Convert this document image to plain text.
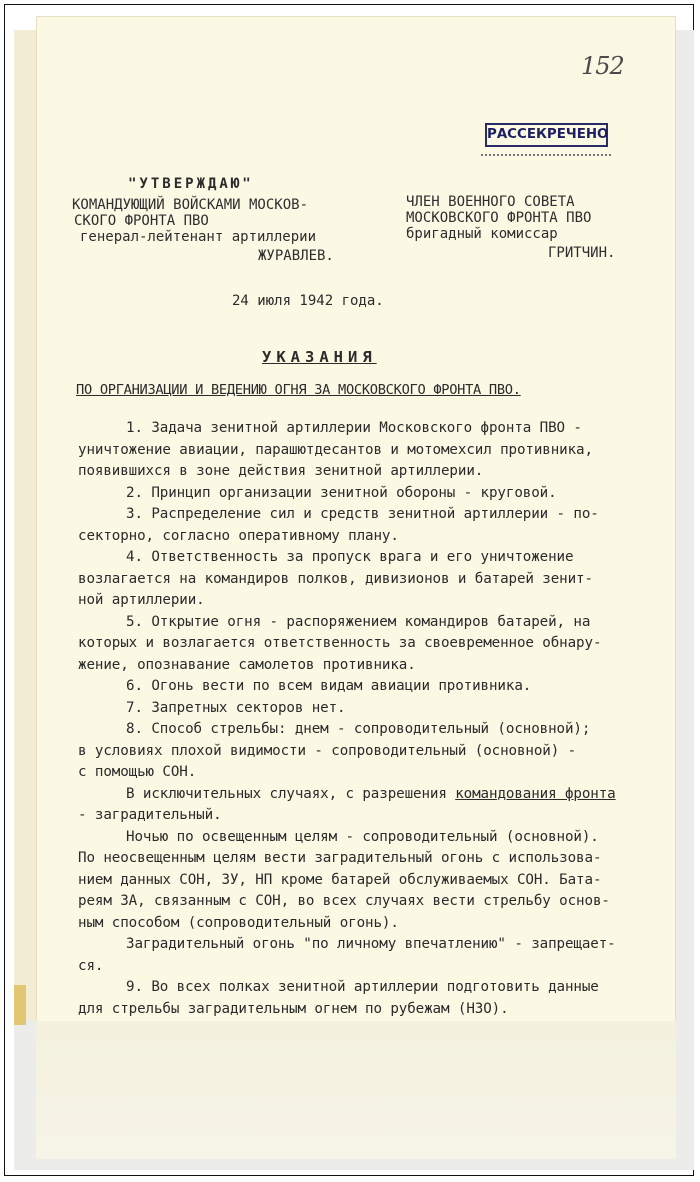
152
РАССЕКРЕЧЕНО
"УТВЕРЖДАЮ"
КОМАНДУЮЩИЙ ВОЙСКАМИ МОСКОВ-
СКОГО ФРОНТА ПВО
генерал-лейтенант артиллерии
ЖУРАВЛЕВ.
ЧЛЕН ВОЕННОГО СОВЕТА
МОСКОВСКОГО ФРОНТА ПВО
бригадный комиссар
ГРИТЧИН.
24 июля 1942 года.
УКАЗАНИЯ
ПО ОРГАНИЗАЦИИ И ВЕДЕНИЮ ОГНЯ ЗА МОСКОВСКОГО ФРОНТА ПВО.
1. Задача зенитной артиллерии Московского фронта ПВО -
уничтожение авиации, парашютдесантов и мотомехсил противника,
появившихся в зоне действия зенитной артиллерии.
2. Принцип организации зенитной обороны - круговой.
3. Распределение сил и средств зенитной артиллерии - по-
секторно, согласно оперативному плану.
4. Ответственность за пропуск врага и его уничтожение
возлагается на командиров полков, дивизионов и батарей зенит-
ной артиллерии.
5. Открытие огня - распоряжением командиров батарей, на
которых и возлагается ответственность за своевременное обнару-
жение, опознавание самолетов противника.
6. Огонь вести по всем видам авиации противника.
7. Запретных секторов нет.
8. Способ стрельбы: днем - сопроводительный (основной);
в условиях плохой видимости - сопроводительный (основной) -
с помощью СОН.
В исключительных случаях, с разрешения командования фронта
- заградительный.
Ночью по освещенным целям - сопроводительный (основной).
По неосвещенным целям вести заградительный огонь с использова-
нием данных СОН, ЗУ, НП кроме батарей обслуживаемых СОН. Бата-
реям ЗА, связанным с СОН, во всех случаях вести стрельбу основ-
ным способом (сопроводительный огонь).
Заградительный огонь "по личному впечатлению" - запрещает-
ся.
9. Во всех полках зенитной артиллерии подготовить данные
для стрельбы заградительным огнем по рубежам (НЗО).
